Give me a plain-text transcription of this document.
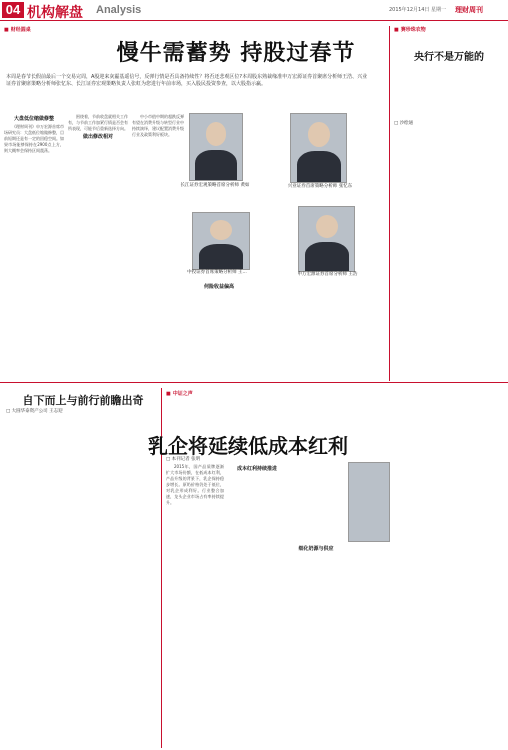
04 机构解盘 Analysis	2015年12月14日 星期一 理财周刊
■ 财经圆桌
■	赛珍珠农物
慢牛需蓄势 持股过春节
本周是春节长假前最后一个交易完周，A股迎来灰霾基遥信号，反弹行情是否具备持续性？将否还悲观区位?本周股东熟裁缘准申万宏源证券首聚席分析师王浩、兴业证券首聚席策略分析师张忆东、长江证券宏观策略负责人张虹为您进行年前市场，买入股民投资参查，以大股指示赢。
长江证券宏观策略首席分析师 黄如	兴业证券首席策略分析师 张忆东
中投证券首席策略分析师 王...	申万宏源证券首席分析师 王浩
大盘低位缩做修整

《理财周刊》申万宏源首席市场研究员：大盘低位缩做修整，目前短期还是有一定的回稳空间。如果市场能够保持在2900点上方，则大概率会保持区间震荡。

围绕着，节前收盘就相关工作有，与节前工作加紧行情是否会有所表现，可能节后重新选择方向。

做出修改相对

中小市值中期的超跌反弹有望在消费升级与转型行业中持续演绎，建议配置消费升级行业及政策利好板块。

何险收益偏高
央行不是万能的
□ 沙绘通
自下而上与前行前瞻出奇
□ 大圆华泰资产公司 王志迎
■ 中证之声
乳企将延续低成本红利
□ 本刊记者 张明

2015年，国产品质牌逐渐扩大市场份额，在低成本红利，产品升级的背景下，乳企保持稳步增长。原奶价格仍处于低位，对乳企形成利好。行业整合加速，龙头企业市场占有率持续提升。

成本红利持续推进
细化奶源与供应
